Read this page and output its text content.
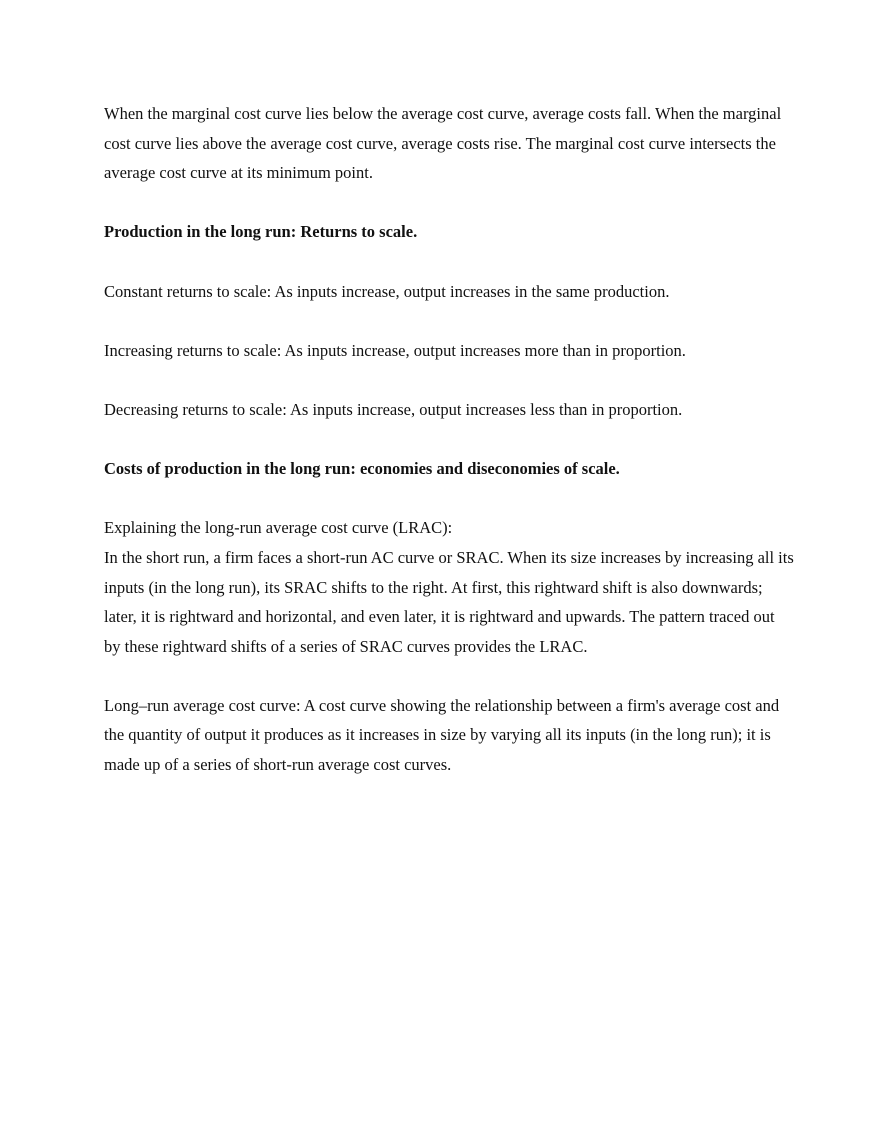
When the marginal cost curve lies below the average cost curve, average costs fall. When the marginal cost curve lies above the average cost curve, average costs rise. The marginal cost curve intersects the average cost curve at its minimum point.

Production in the long run: Returns to scale.

Constant returns to scale: As inputs increase, output increases in the same production.

Increasing returns to scale: As inputs increase, output increases more than in proportion.

Decreasing returns to scale: As inputs increase, output increases less than in proportion.

Costs of production in the long run: economies and diseconomies of scale.

Explaining the long-run average cost curve (LRAC):

In the short run, a firm faces a short-run AC curve or SRAC. When its size increases by increasing all its inputs (in the long run), its SRAC shifts to the right. At first, this rightward shift is also downwards; later, it is rightward and horizontal, and even later, it is rightward and upwards. The pattern traced out by these rightward shifts of a series of SRAC curves provides the LRAC.

Long–run average cost curve: A cost curve showing the relationship between a firm's average cost and the quantity of output it produces as it increases in size by varying all its inputs (in the long run); it is made up of a series of short-run average cost curves.
